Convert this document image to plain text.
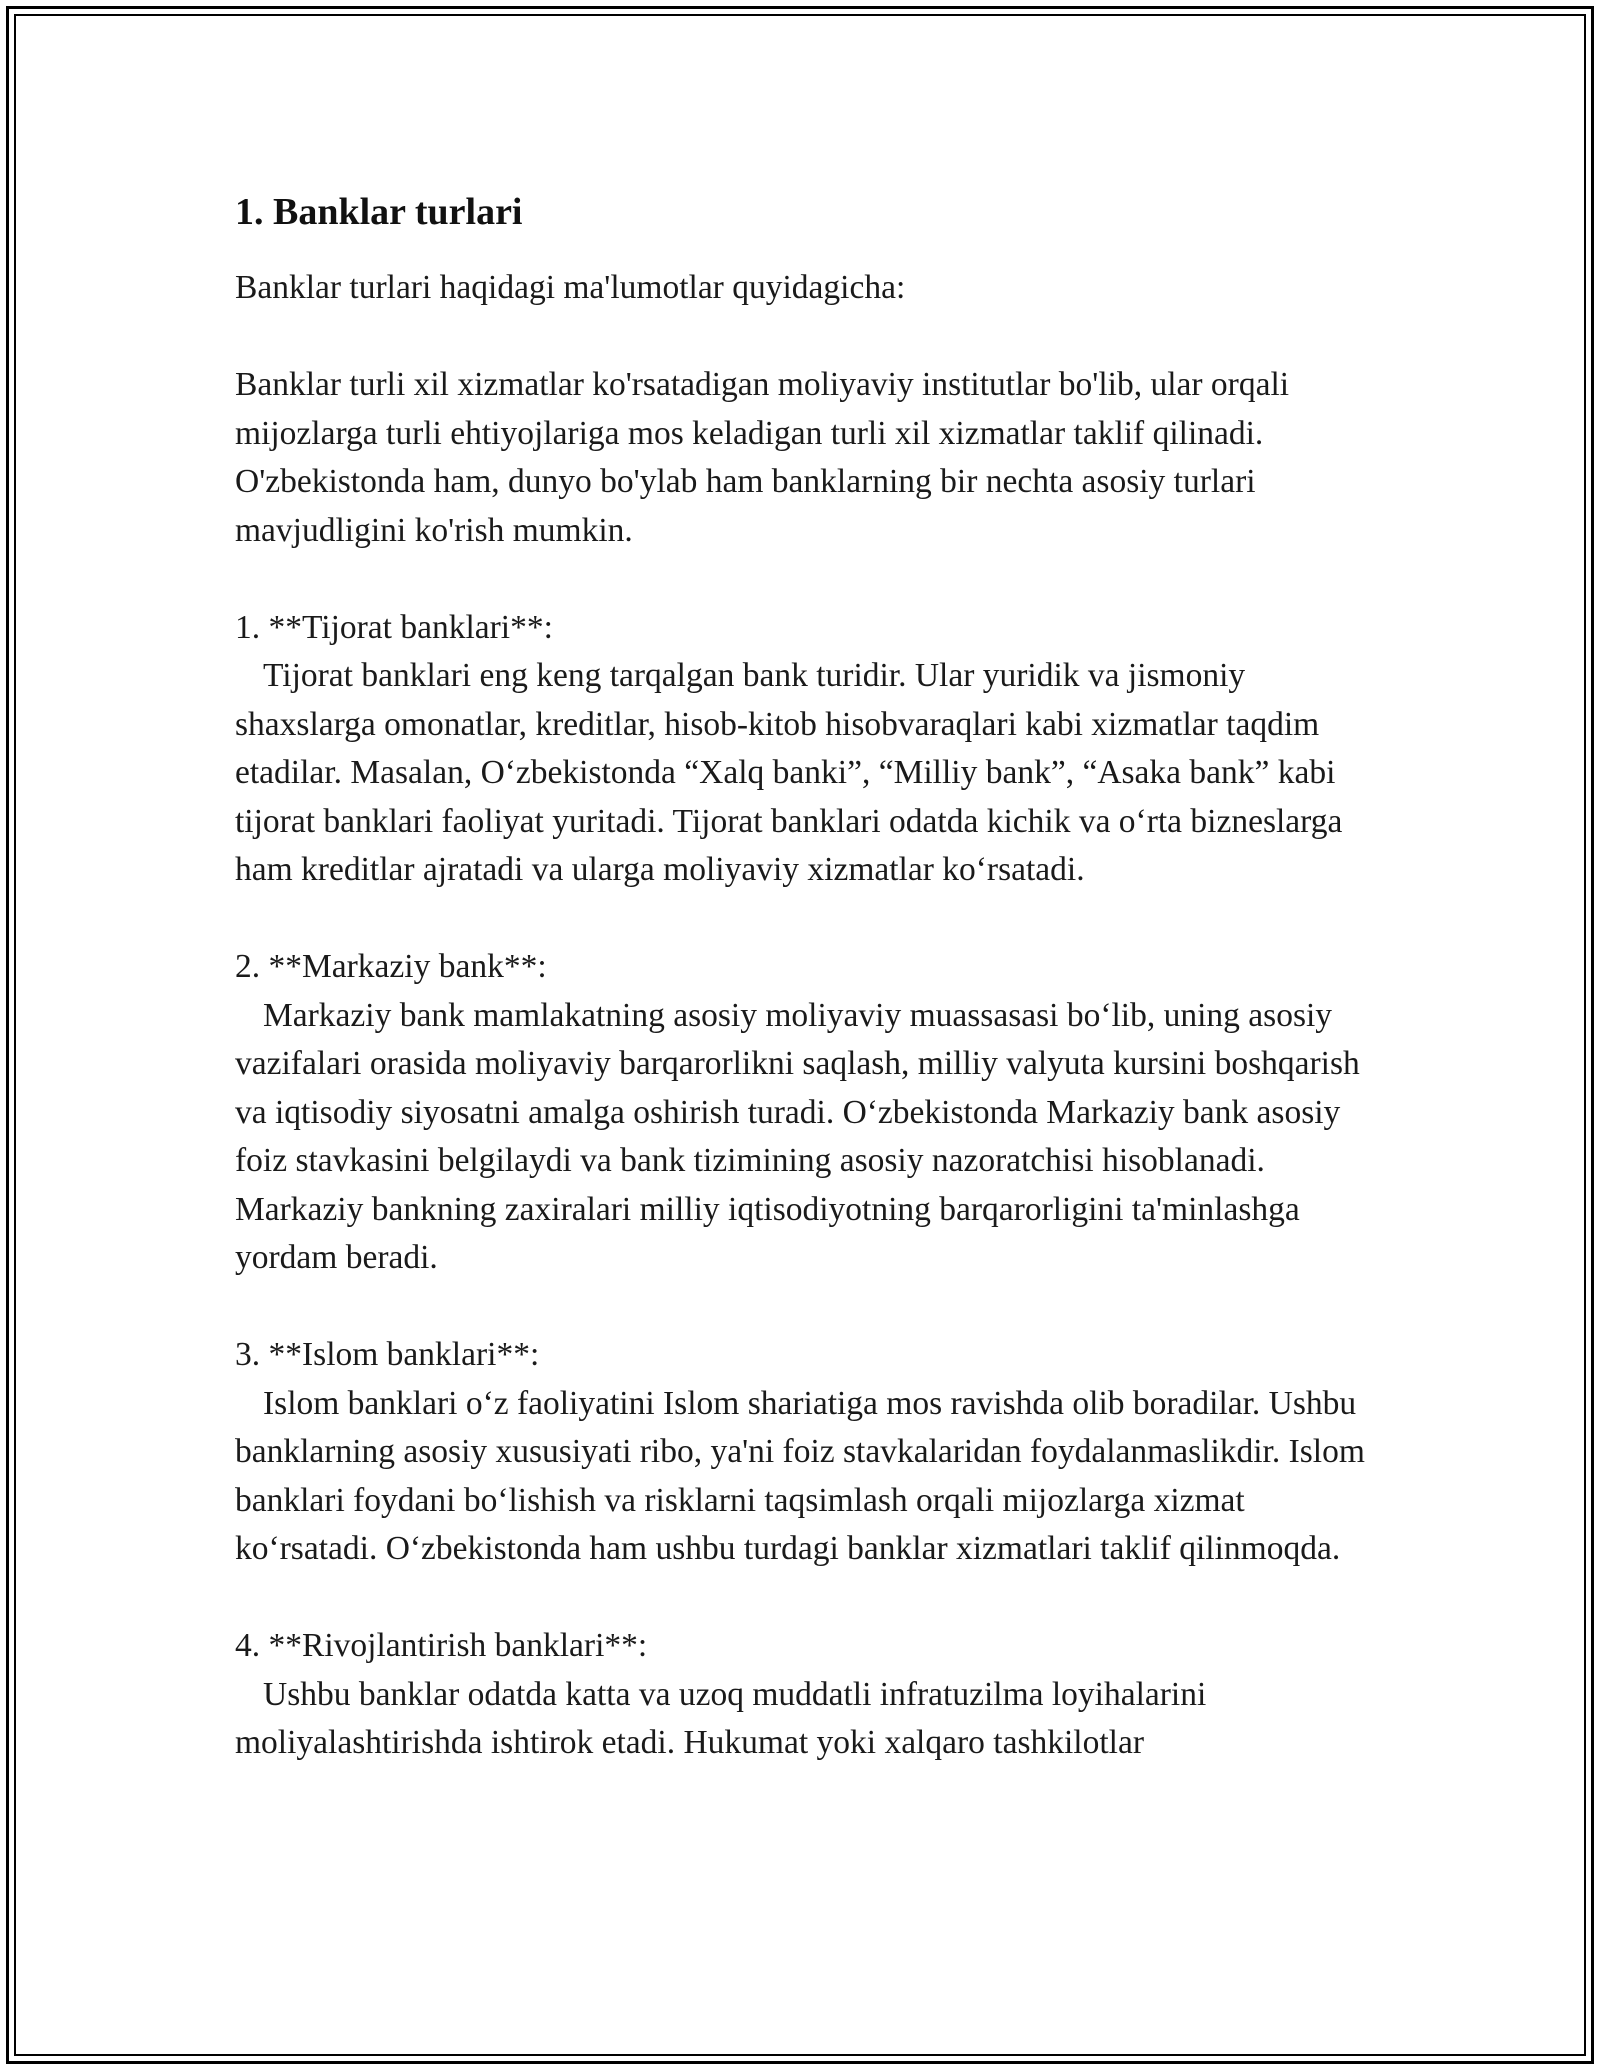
1. Banklar turlari

Banklar turlari haqidagi ma'lumotlar quyidagicha:

Banklar turli xil xizmatlar ko'rsatadigan moliyaviy institutlar bo'lib, ular orqali mijozlarga turli ehtiyojlariga mos keladigan turli xil xizmatlar taklif qilinadi. O'zbekistonda ham, dunyo bo'ylab ham banklarning bir nechta asosiy turlari mavjudligini ko'rish mumkin.

1. **Tijorat banklari**:

Tijorat banklari eng keng tarqalgan bank turidir. Ular yuridik va jismoniy shaxslarga omonatlar, kreditlar, hisob-kitob hisobvaraqlari kabi xizmatlar taqdim etadilar. Masalan, O‘zbekistonda “Xalq banki”, “Milliy bank”, “Asaka bank” kabi tijorat banklari faoliyat yuritadi. Tijorat banklari odatda kichik va o‘rta bizneslarga ham kreditlar ajratadi va ularga moliyaviy xizmatlar ko‘rsatadi.

2. **Markaziy bank**:

Markaziy bank mamlakatning asosiy moliyaviy muassasasi bo‘lib, uning asosiy vazifalari orasida moliyaviy barqarorlikni saqlash, milliy valyuta kursini boshqarish va iqtisodiy siyosatni amalga oshirish turadi. O‘zbekistonda Markaziy bank asosiy foiz stavkasini belgilaydi va bank tizimining asosiy nazoratchisi hisoblanadi. Markaziy bankning zaxiralari milliy iqtisodiyotning barqarorligini ta'minlashga yordam beradi.

3. **Islom banklari**:

Islom banklari o‘z faoliyatini Islom shariatiga mos ravishda olib boradilar. Ushbu banklarning asosiy xususiyati ribo, ya'ni foiz stavkalaridan foydalanmaslikdir. Islom banklari foydani bo‘lishish va risklarni taqsimlash orqali mijozlarga xizmat ko‘rsatadi. O‘zbekistonda ham ushbu turdagi banklar xizmatlari taklif qilinmoqda.

4. **Rivojlantirish banklari**:

Ushbu banklar odatda katta va uzoq muddatli infratuzilma loyihalarini moliyalashtirishda ishtirok etadi. Hukumat yoki xalqaro tashkilotlar
